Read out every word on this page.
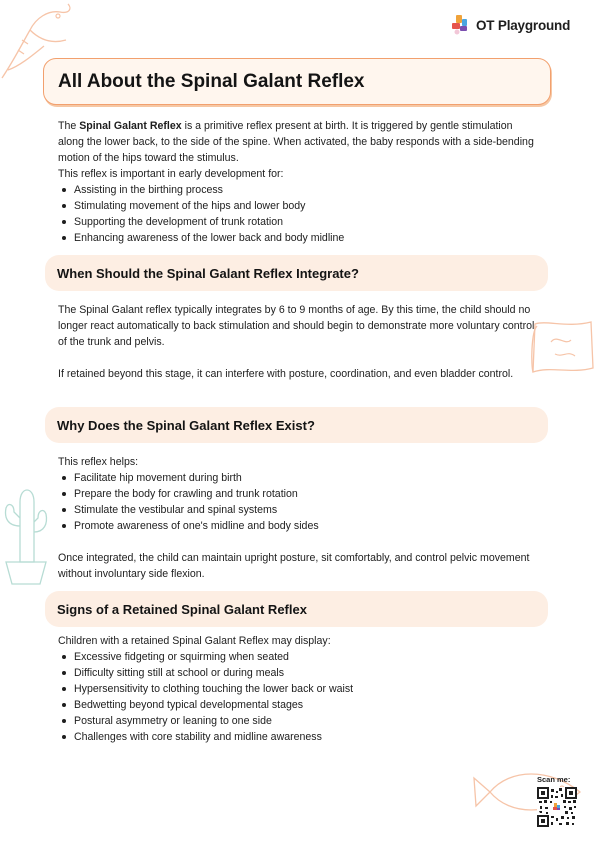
OT Playground
All About the Spinal Galant Reflex

The Spinal Galant Reflex is a primitive reflex present at birth. It is triggered by gentle stimulation along the lower back, to the side of the spine. When activated, the baby responds with a side-bending motion of the hips toward the stimulus.

This reflex is important in early development for:

Assisting in the birthing process
Stimulating movement of the hips and lower body
Supporting the development of trunk rotation
Enhancing awareness of the lower back and body midline
When Should the Spinal Galant Reflex Integrate?

The Spinal Galant reflex typically integrates by 6 to 9 months of age. By this time, the child should no longer react automatically to back stimulation and should begin to demonstrate more voluntary control of the trunk and pelvis.

If retained beyond this stage, it can interfere with posture, coordination, and even bladder control.

Why Does the Spinal Galant Reflex Exist?

This reflex helps:

Facilitate hip movement during birth
Prepare the body for crawling and trunk rotation
Stimulate the vestibular and spinal systems
Promote awareness of one's midline and body sides

Once integrated, the child can maintain upright posture, sit comfortably, and control pelvic movement without involuntary side flexion.

Signs of a Retained Spinal Galant Reflex

Children with a retained Spinal Galant Reflex may display:

Excessive fidgeting or squirming when seated
Difficulty sitting still at school or during meals
Hypersensitivity to clothing touching the lower back or waist
Bedwetting beyond typical developmental stages
Postural asymmetry or leaning to one side
Challenges with core stability and midline awareness
Scan me:
